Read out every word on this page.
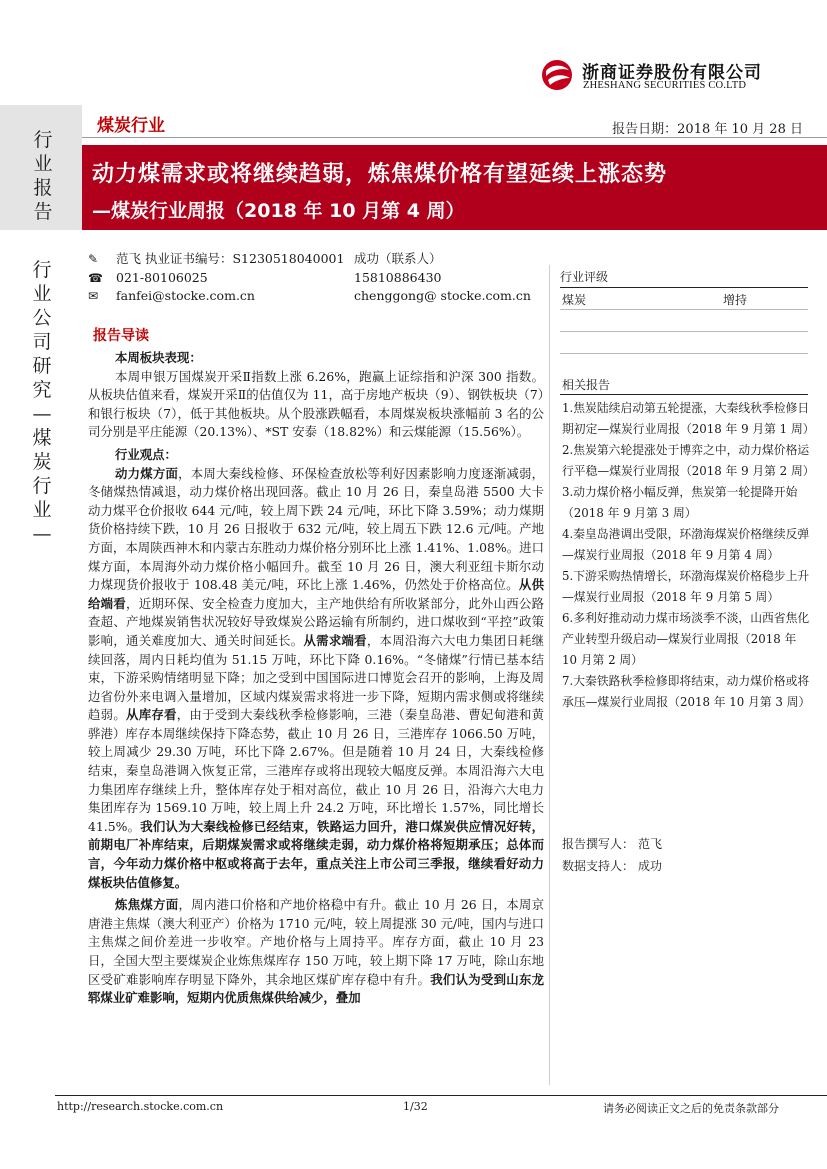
浙商证券股份有限公司
ZHESHANG SECURITIES CO.LTD
行业报告
行业公司研究—煤炭行业—
煤炭行业	报告日期：2018 年 10 月 28 日
动力煤需求或将继续趋弱，炼焦煤价格有望延续上涨态势
—煤炭行业周报（2018 年 10 月第 4 周）
✎	范飞 执业证书编号：S1230518040001 成功（联系人）
☎	021-80106025	15810886430
✉	fanfei@stocke.com.cn	chenggong@ stocke.com.cn
报告导读

本周板块表现：

本周申银万国煤炭开采Ⅱ指数上涨 6.26%，跑赢上证综指和沪深 300 指数。从板块估值来看，煤炭开采Ⅱ的估值仅为 11，高于房地产板块（9）、钢铁板块（7）和银行板块（7），低于其他板块。从个股涨跌幅看，本周煤炭板块涨幅前 3 名的公司分别是平庄能源（20.13%）、*ST 安泰（18.82%）和云煤能源（15.56%）。

行业观点：

动力煤方面，本周大秦线检修、环保检查放松等利好因素影响力度逐渐减弱，冬储煤热情减退，动力煤价格出现回落。截止 10 月 26 日，秦皇岛港 5500 大卡动力煤平仓价报收 644 元/吨，较上周下跌 24 元/吨，环比下降 3.59%；动力煤期货价格持续下跌，10 月 26 日报收于 632 元/吨，较上周五下跌 12.6 元/吨。产地方面，本周陕西神木和内蒙古东胜动力煤价格分别环比上涨 1.41%、1.08%。进口煤方面，本周海外动力煤价格小幅回升。截至 10 月 26 日，澳大利亚纽卡斯尔动力煤现货价报收于 108.48 美元/吨，环比上涨 1.46%，仍然处于价格高位。从供给端看，近期环保、安全检查力度加大，主产地供给有所收紧部分，此外山西公路查超、产地煤炭销售状况较好导致煤炭公路运输有所制约，进口煤收到“平控”政策影响，通关难度加大、通关时间延长。从需求端看，本周沿海六大电力集团日耗继续回落，周内日耗均值为 51.15 万吨，环比下降 0.16%。“冬储煤”行情已基本结束，下游采购情绪明显下降；加之受到中国国际进口博览会召开的影响，上海及周边省份外来电调入量增加，区域内煤炭需求将进一步下降，短期内需求侧或将继续趋弱。从库存看，由于受到大秦线秋季检修影响，三港（秦皇岛港、曹妃甸港和黄骅港）库存本周继续保持下降态势，截止 10 月 26 日，三港库存 1066.50 万吨，较上周减少 29.30 万吨，环比下降 2.67%。但是随着 10 月 24 日，大秦线检修结束，秦皇岛港调入恢复正常，三港库存或将出现较大幅度反弹。本周沿海六大电力集团库存继续上升，整体库存处于相对高位，截止 10 月 26 日，沿海六大电力集团库存为 1569.10 万吨，较上周上升 24.2 万吨，环比增长 1.57%，同比增长 41.5%。我们认为大秦线检修已经结束，铁路运力回升，港口煤炭供应情况好转，前期电厂补库结束，后期煤炭需求或将继续走弱，动力煤价格将短期承压；总体而言，今年动力煤价格中枢或将高于去年，重点关注上市公司三季报，继续看好动力煤板块估值修复。

炼焦煤方面，周内港口价格和产地价格稳中有升。截止 10 月 26 日，本周京唐港主焦煤（澳大利亚产）价格为 1710 元/吨，较上周提涨 30 元/吨，国内与进口主焦煤之间价差进一步收窄。产地价格与上周持平。库存方面，截止 10 月 23 日，全国大型主要煤炭企业炼焦煤库存 150 万吨，较上期下降 17 万吨，除山东地区受矿难影响库存明显下降外，其余地区煤矿库存稳中有升。我们认为受到山东龙郓煤业矿难影响，短期内优质焦煤供给减少，叠加

行业评级
煤炭	增持
相关报告
1.焦炭陆续启动第五轮提涨，大秦线秋季检修日期初定—煤炭行业周报（2018 年 9 月第 1 周）
2.焦炭第六轮提涨处于博弈之中，动力煤价格运行平稳—煤炭行业周报（2018 年 9 月第 2 周）
3.动力煤价格小幅反弹，焦炭第一轮提降开始（2018 年 9 月第 3 周）
4.秦皇岛港调出受限，环渤海煤炭价格继续反弹—煤炭行业周报（2018 年 9 月第 4 周）
5.下游采购热情增长，环渤海煤炭价格稳步上升—煤炭行业周报（2018 年 9 月第 5 周）
6.多利好推动动力煤市场淡季不淡，山西省焦化产业转型升级启动—煤炭行业周报（2018 年 10 月第 2 周）
7.大秦铁路秋季检修即将结束，动力煤价格或将承压—煤炭行业周报（2018 年 10 月第 3 周）
报告撰写人： 范飞
数据支持人： 成功
http://research.stocke.com.cn	1/32	请务必阅读正文之后的免责条款部分
